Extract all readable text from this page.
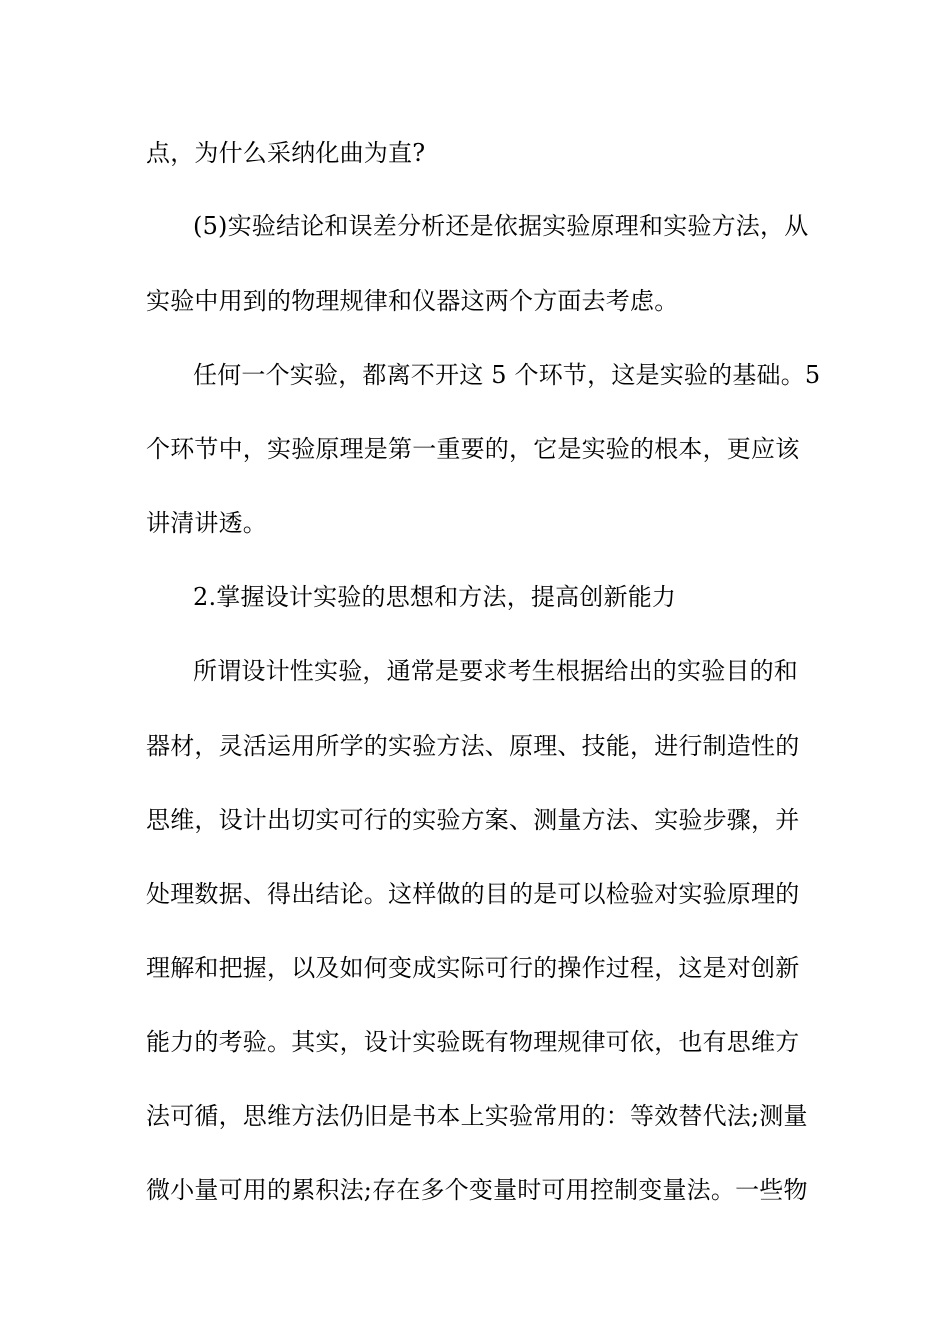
点，为什么采纳化曲为直?
(5)实验结论和误差分析还是依据实验原理和实验方法，从
实验中用到的物理规律和仪器这两个方面去考虑。
任何一个实验，都离不开这 5 个环节，这是实验的基础。5
个环节中，实验原理是第一重要的，它是实验的根本，更应该
讲清讲透。
2.掌握设计实验的思想和方法，提高创新能力
所谓设计性实验，通常是要求考生根据给出的实验目的和
器材，灵活运用所学的实验方法、原理、技能，进行制造性的
思维，设计出切实可行的实验方案、测量方法、实验步骤，并
处理数据、得出结论。这样做的目的是可以检验对实验原理的
理解和把握，以及如何变成实际可行的操作过程，这是对创新
能力的考验。其实，设计实验既有物理规律可依，也有思维方
法可循，思维方法仍旧是书本上实验常用的：等效替代法;测量
微小量可用的累积法;存在多个变量时可用控制变量法。一些物
